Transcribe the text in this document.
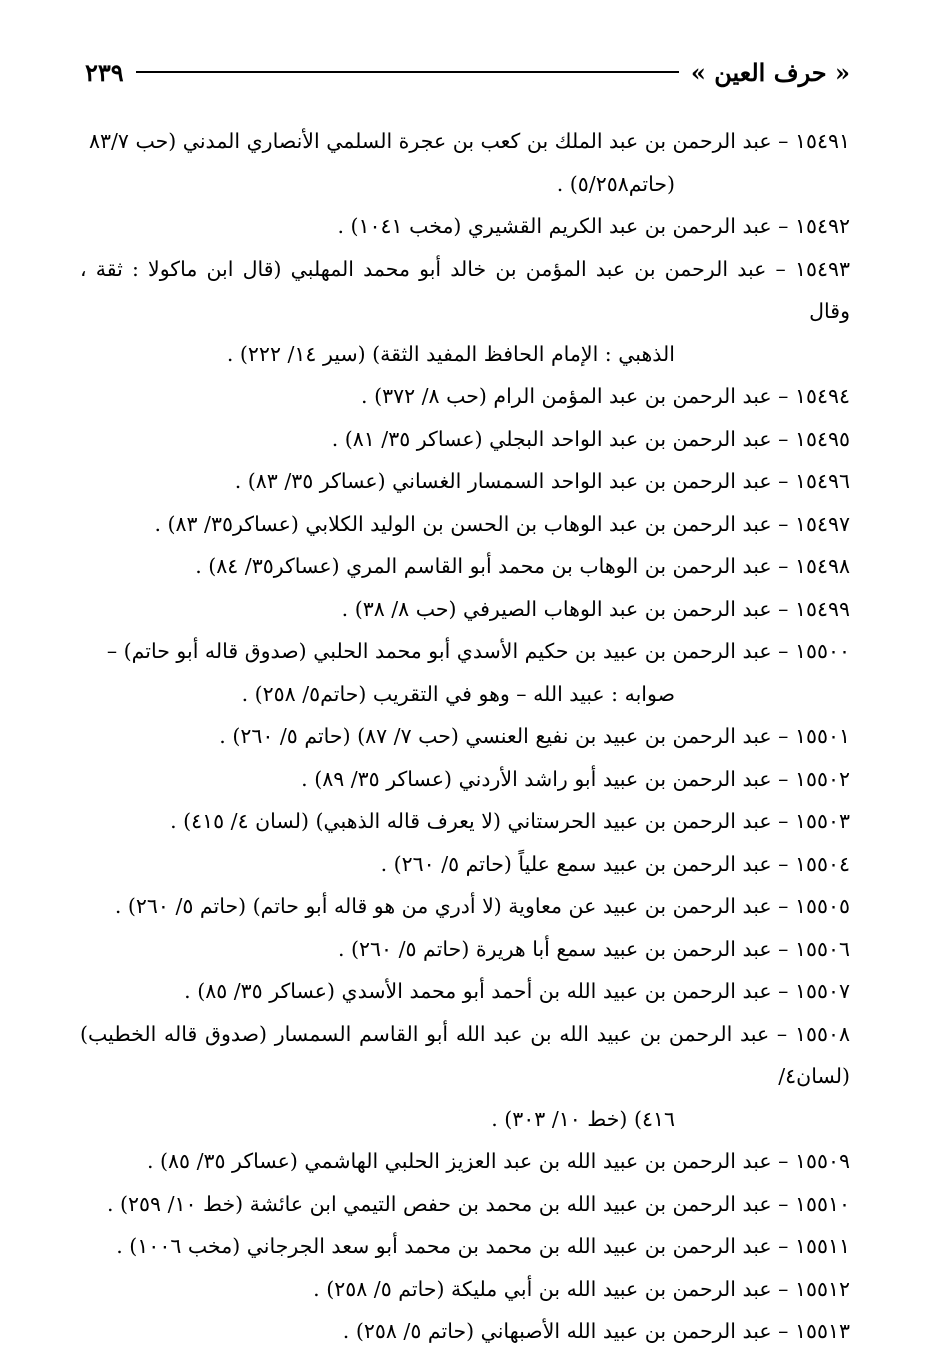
« حرف العين »
٢٣٩
١٥٤٩١ – عبد الرحمن بن عبد الملك بن كعب بن عجرة السلمي الأنصاري المدني (حب ٨٣/٧
(حاتم٥/٢٥٨) .
١٥٤٩٢ – عبد الرحمن بن عبد الكريم القشيري (مخب ١٠٤١) .
١٥٤٩٣ – عبد الرحمن بن عبد المؤمن بن خالد أبو محمد المهلبي (قال ابن ماكولا : ثقة ، وقال
الذهبي : الإمام الحافظ المفيد الثقة) (سير ١٤/ ٢٢٢) .
١٥٤٩٤ – عبد الرحمن بن عبد المؤمن الرام (حب ٨/ ٣٧٢) .
١٥٤٩٥ – عبد الرحمن بن عبد الواحد البجلي (عساكر ٣٥/ ٨١) .
١٥٤٩٦ – عبد الرحمن بن عبد الواحد السمسار الغساني (عساكر ٣٥/ ٨٣) .
١٥٤٩٧ – عبد الرحمن بن عبد الوهاب بن الحسن بن الوليد الكلابي (عساكر٣٥/ ٨٣) .
١٥٤٩٨ – عبد الرحمن بن الوهاب بن محمد أبو القاسم المري (عساكر٣٥/ ٨٤) .
١٥٤٩٩ – عبد الرحمن بن عبد الوهاب الصيرفي (حب ٨/ ٣٨) .
١٥٥٠٠ – عبد الرحمن بن عبيد بن حكيم الأسدي أبو محمد الحلبي (صدوق قاله أبو حاتم) –
صوابه : عبيد الله – وهو في التقريب (حاتم٥/ ٢٥٨) .
١٥٥٠١ – عبد الرحمن بن عبيد بن نفيع العنسي (حب ٧/ ٨٧) (حاتم ٥/ ٢٦٠) .
١٥٥٠٢ – عبد الرحمن بن عبيد أبو راشد الأردني (عساكر ٣٥/ ٨٩) .
١٥٥٠٣ – عبد الرحمن بن عبيد الحرستاني (لا يعرف قاله الذهبي) (لسان ٤/ ٤١٥) .
١٥٥٠٤ – عبد الرحمن بن عبيد سمع علياً (حاتم ٥/ ٢٦٠) .
١٥٥٠٥ – عبد الرحمن بن عبيد عن معاوية (لا أدري من هو قاله أبو حاتم) (حاتم ٥/ ٢٦٠) .
١٥٥٠٦ – عبد الرحمن بن عبيد سمع أبا هريرة (حاتم ٥/ ٢٦٠) .
١٥٥٠٧ – عبد الرحمن بن عبيد الله بن أحمد أبو محمد الأسدي (عساكر ٣٥/ ٨٥) .
١٥٥٠٨ – عبد الرحمن بن عبيد الله بن عبد الله أبو القاسم السمسار (صدوق قاله الخطيب) (لسان٤/
٤١٦) (خط ١٠/ ٣٠٣) .
١٥٥٠٩ – عبد الرحمن بن عبيد الله بن عبد العزيز الحلبي الهاشمي (عساكر ٣٥/ ٨٥) .
١٥٥١٠ – عبد الرحمن بن عبيد الله بن محمد بن حفص التيمي ابن عائشة (خط ١٠/ ٢٥٩) .
١٥٥١١ – عبد الرحمن بن عبيد الله بن محمد بن محمد أبو سعد الجرجاني (مخب ١٠٠٦) .
١٥٥١٢ – عبد الرحمن بن عبيد الله بن أبي مليكة (حاتم ٥/ ٢٥٨) .
١٥٥١٣ – عبد الرحمن بن عبيد الله الأصبهاني (حاتم ٥/ ٢٥٨) .
